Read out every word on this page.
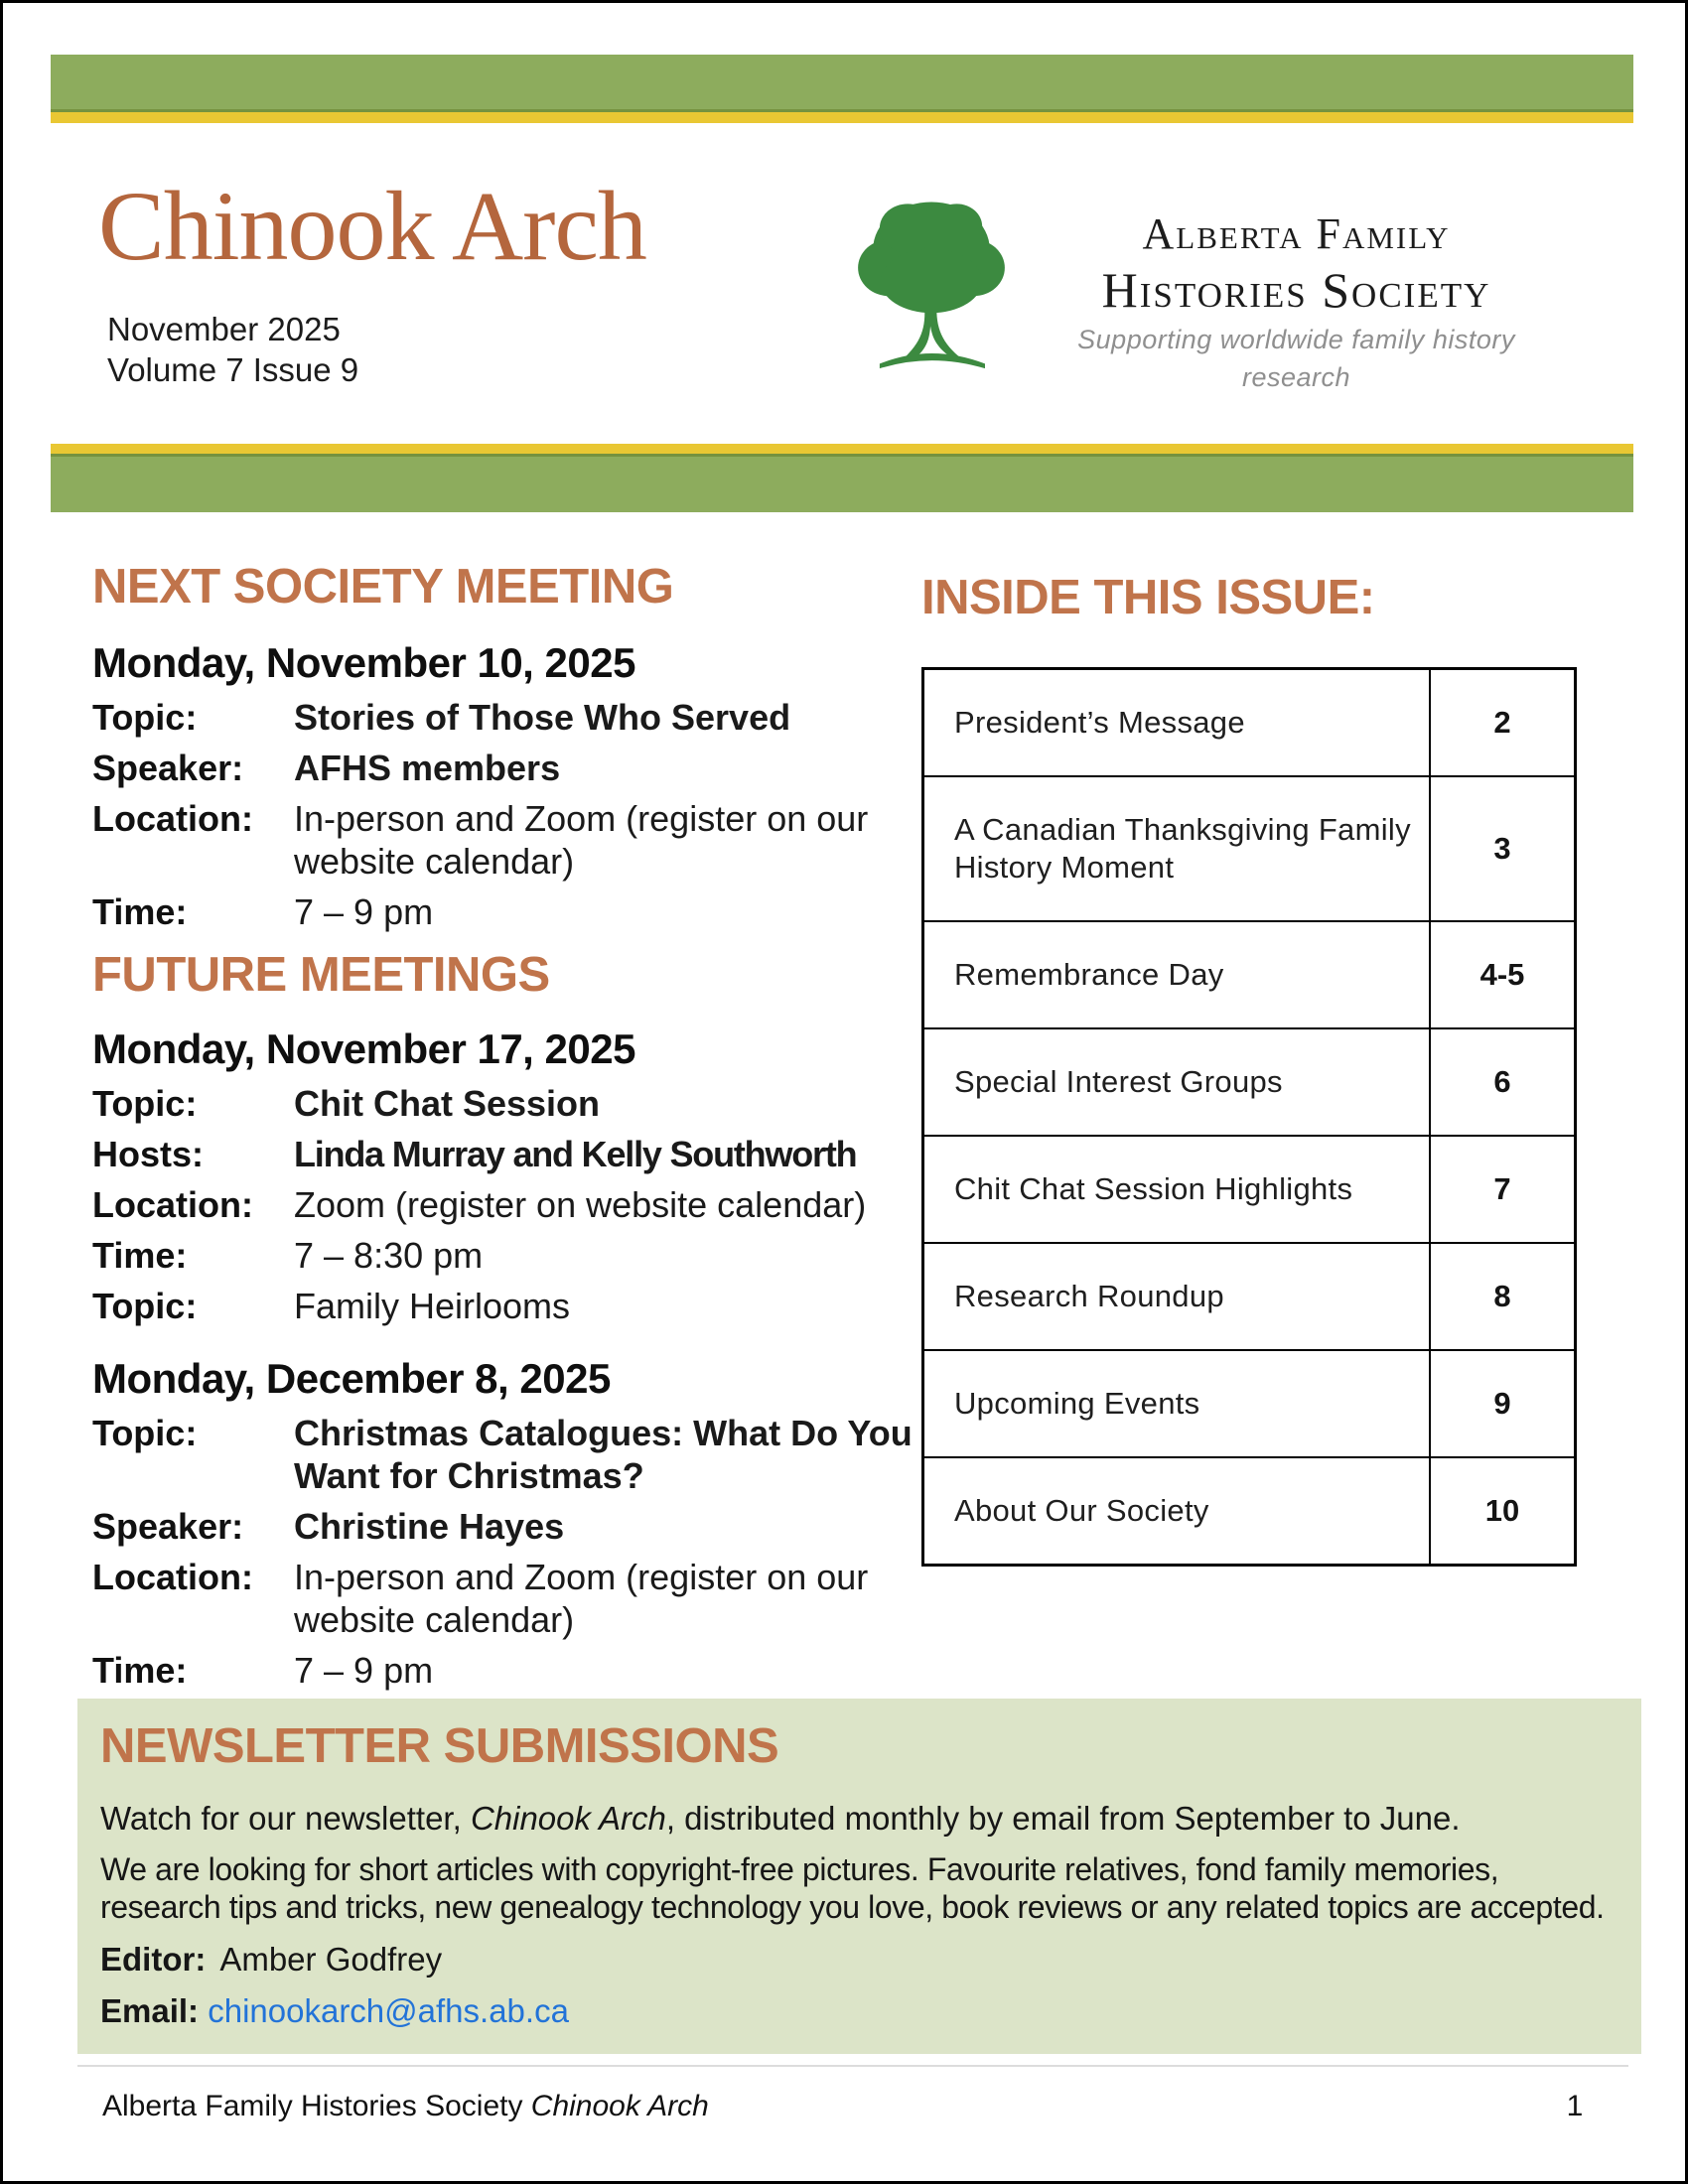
Chinook Arch
November 2025
Volume 7 Issue 9
Alberta Family
Histories Society
Supporting worldwide family history research
NEXT SOCIETY MEETING
Monday, November 10, 2025
Topic:	Stories of Those Who Served
Speaker:	AFHS members
Location:	In-person and Zoom (register on our website calendar)
Time:	7 – 9 pm
FUTURE MEETINGS
Monday, November 17, 2025
Topic:	Chit Chat Session
Hosts:	Linda Murray and Kelly Southworth
Location:	Zoom (register on website calendar)
Time:	7 – 8:30 pm
Topic:	Family Heirlooms
Monday, December 8, 2025
Topic:	Christmas Catalogues: What Do You Want for Christmas?
Speaker:	Christine Hayes
Location:	In-person and Zoom (register on our website calendar)
Time:	7 – 9 pm
INSIDE THIS ISSUE:
President’s Message	2
A Canadian Thanksgiving Family History Moment	3
Remembrance Day	4-5
Special Interest Groups	6
Chit Chat Session Highlights	7
Research Roundup	8
Upcoming Events	9
About Our Society	10
NEWSLETTER SUBMISSIONS

Watch for our newsletter, Chinook Arch, distributed monthly by email from September to June.

We are looking for short articles with copyright-free pictures. Favourite relatives, fond family memories, research tips and tricks, new genealogy technology you love, book reviews or any related topics are accepted.

Editor: Amber Godfrey

Email: chinookarch@afhs.ab.ca

Alberta Family Histories Society Chinook Arch	1
